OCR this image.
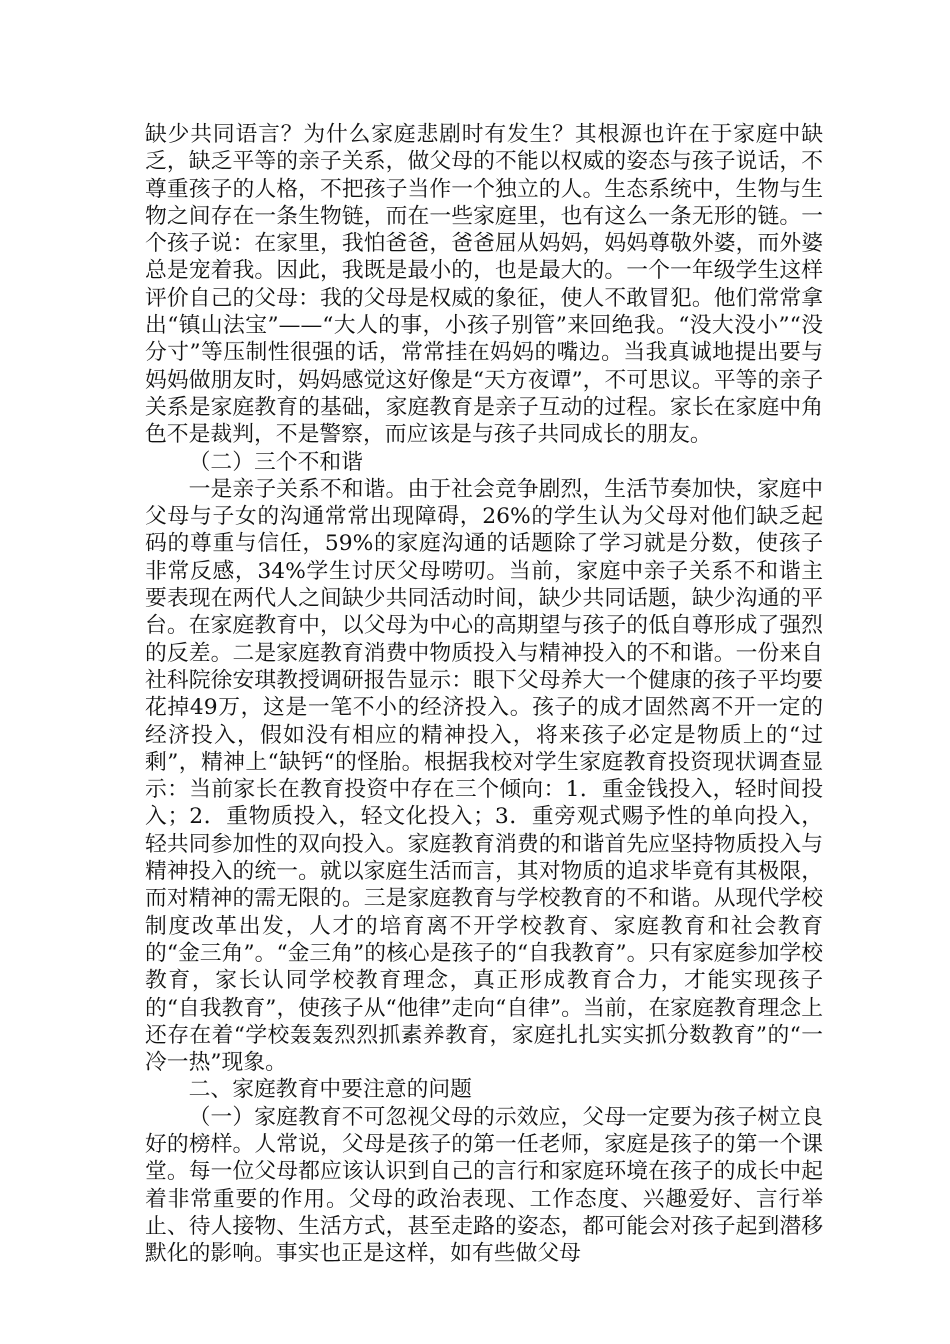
缺少共同语言？为什么家庭悲剧时有发生？其根源也许在于家庭中缺乏，缺乏平等的亲子关系，做父母的不能以权威的姿态与孩子说话，不尊重孩子的人格，不把孩子当作一个独立的人。生态系统中，生物与生物之间存在一条生物链，而在一些家庭里，也有这么一条无形的链。一个孩子说：在家里，我怕爸爸，爸爸屈从妈妈，妈妈尊敬外婆，而外婆总是宠着我。因此，我既是最小的，也是最大的。一个一年级学生这样评价自己的父母：我的父母是权威的象征，使人不敢冒犯。他们常常拿出“镇山法宝”——“大人的事，小孩子别管”来回绝我。“没大没小”“没分寸”等压制性很强的话，常常挂在妈妈的嘴边。当我真诚地提出要与妈妈做朋友时，妈妈感觉这好像是“天方夜谭”，不可思议。平等的亲子关系是家庭教育的基础，家庭教育是亲子互动的过程。家长在家庭中角色不是裁判，不是警察，而应该是与孩子共同成长的朋友。

（二）三个不和谐

一是亲子关系不和谐。由于社会竞争剧烈，生活节奏加快，家庭中父母与子女的沟通常常出现障碍，26%的学生认为父母对他们缺乏起码的尊重与信任，59%的家庭沟通的话题除了学习就是分数，使孩子非常反感，34%学生讨厌父母唠叨。当前，家庭中亲子关系不和谐主要表现在两代人之间缺少共同活动时间，缺少共同话题，缺少沟通的平台。在家庭教育中，以父母为中心的高期望与孩子的低自尊形成了强烈的反差。二是家庭教育消费中物质投入与精神投入的不和谐。一份来自社科院徐安琪教授调研报告显示：眼下父母养大一个健康的孩子平均要花掉49万，这是一笔不小的经济投入。孩子的成才固然离不开一定的经济投入，假如没有相应的精神投入，将来孩子必定是物质上的“过剩”，精神上“缺钙“的怪胎。根据我校对学生家庭教育投资现状调查显示：当前家长在教育投资中存在三个倾向：1．重金钱投入，轻时间投入；2．重物质投入，轻文化投入；3．重旁观式赐予性的单向投入，轻共同参加性的双向投入。家庭教育消费的和谐首先应坚持物质投入与精神投入的统一。就以家庭生活而言，其对物质的追求毕竟有其极限，而对精神的需无限的。三是家庭教育与学校教育的不和谐。从现代学校制度改革出发，人才的培育离不开学校教育、家庭教育和社会教育的“金三角”。“金三角”的核心是孩子的“自我教育”。只有家庭参加学校教育，家长认同学校教育理念，真正形成教育合力，才能实现孩子的“自我教育”，使孩子从“他律”走向“自律”。当前，在家庭教育理念上还存在着“学校轰轰烈烈抓素养教育，家庭扎扎实实抓分数教育”的“一冷一热”现象。

二、家庭教育中要注意的问题

（一）家庭教育不可忽视父母的示效应，父母一定要为孩子树立良好的榜样。人常说，父母是孩子的第一任老师，家庭是孩子的第一个课堂。每一位父母都应该认识到自己的言行和家庭环境在孩子的成长中起着非常重要的作用。父母的政治表现、工作态度、兴趣爱好、言行举止、待人接物、生活方式，甚至走路的姿态，都可能会对孩子起到潜移默化的影响。事实也正是这样，如有些做父母
